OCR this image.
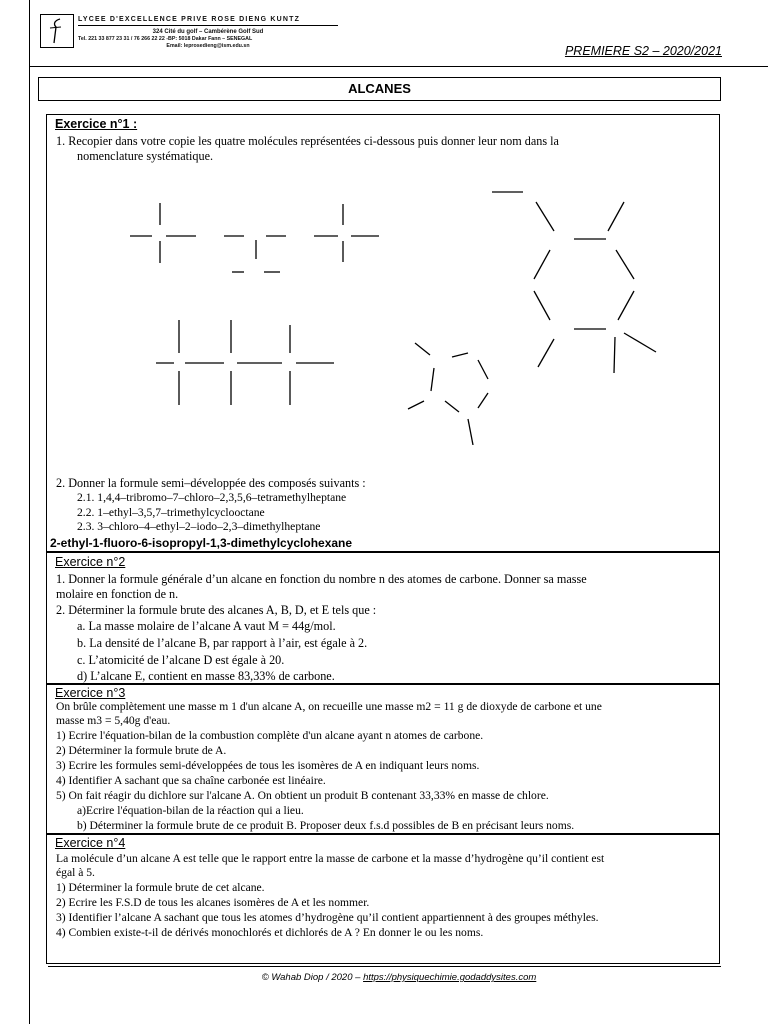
LYCEE D'EXCELLENCE PRIVE ROSE DIENG KUNTZ
324 Cité du golf – Cambérène Golf Sud
Tel. 221 33 877 23 31 / 76 266 22 22 -BP: 5018 Dakar Fann – SENEGAL
Email: leprosedieng@ism.edu.sn	PREMIERE S2 – 2020/2021
ALCANES
Exercice n°1 :
1. Recopier dans votre copie les quatre molécules représentées ci-dessous puis donner leur nom dans la
nomenclature systématique.
2. Donner la formule semi–développée des composés suivants :
2.1. 1,4,4–tribromo–7–chloro–2,3,5,6–tetramethylheptane
2.2. 1–ethyl–3,5,7–trimethylcyclooctane
2.3. 3–chloro–4–ethyl–2–iodo–2,3–dimethylheptane
2-ethyl-1-fluoro-6-isopropyl-1,3-dimethylcyclohexane
Exercice n°2
1. Donner la formule générale d’un alcane en fonction du nombre n des atomes de carbone. Donner sa masse
molaire en fonction de n.
2. Déterminer la formule brute des alcanes A, B, D, et E tels que :
a. La masse molaire de l’alcane A vaut M = 44g/mol.
b. La densité de l’alcane B, par rapport à l’air, est égale à 2.
c. L’atomicité de l’alcane D est égale à 20.
d) L’alcane E, contient en masse 83,33% de carbone.
Exercice n°3
On brûle complètement une masse m 1 d'un alcane A, on recueille une masse m2 = 11 g de dioxyde de carbone et une
masse m3 = 5,40g d'eau.
1) Ecrire l'équation-bilan de la combustion complète d'un alcane ayant n atomes de carbone.
2) Déterminer la formule brute de A.
3) Ecrire les formules semi-développées de tous les isomères de A en indiquant leurs noms.
4) Identifier A sachant que sa chaîne carbonée est linéaire.
5) On fait réagir du dichlore sur l'alcane A. On obtient un produit B contenant 33,33% en masse de chlore.
a)Ecrire l'équation-bilan de la réaction qui a lieu.
b) Déterminer la formule brute de ce produit B. Proposer deux f.s.d possibles de B en précisant leurs noms.
Exercice n°4
La molécule d’un alcane A est telle que le rapport entre la masse de carbone et la masse d’hydrogène qu’il contient est
égal à 5.
1) Déterminer la formule brute de cet alcane.
2) Ecrire les F.S.D de tous les alcanes isomères de A et les nommer.
3) Identifier l’alcane A sachant que tous les atomes d’hydrogène qu’il contient appartiennent à des groupes méthyles.
4) Combien existe-t-il de dérivés monochlorés et dichlorés de A ? En donner le ou les noms.
© Wahab Diop / 2020 – https://physiquechimie.godaddysites.com
